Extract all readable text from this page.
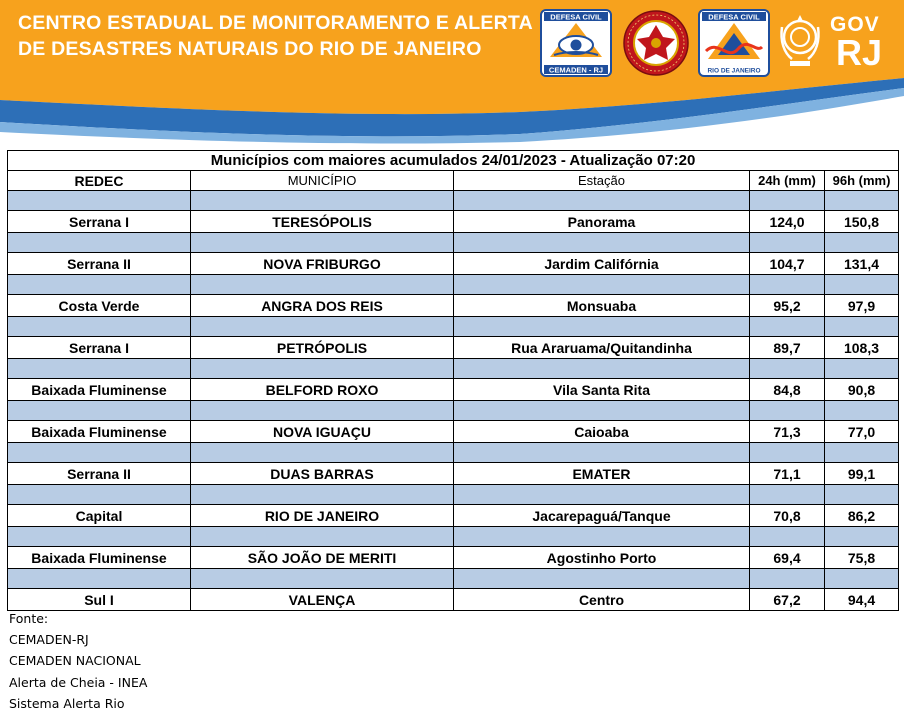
CENTRO ESTADUAL DE MONITORAMENTO E ALERTA
DE DESASTRES NATURAIS DO RIO DE JANEIRO
DEFESA CIVIL
CEMADEN - RJ
DEFESA CIVIL
RIO DE JANEIRO
GOV
RJ
Municípios com maiores acumulados 24/01/2023 - Atualização 07:20				
REDEC	MUNICÍPIO	Estação	24h (mm)	96h (mm)

Serrana I	TERESÓPOLIS	Panorama	124,0	150,8

Serrana II	NOVA FRIBURGO	Jardim Califórnia	104,7	131,4

Costa Verde	ANGRA DOS REIS	Monsuaba	95,2	97,9

Serrana I	PETRÓPOLIS	Rua Araruama/Quitandinha	89,7	108,3

Baixada Fluminense	BELFORD ROXO	Vila Santa Rita	84,8	90,8

Baixada Fluminense	NOVA IGUAÇU	Caioaba	71,3	77,0

Serrana II	DUAS BARRAS	EMATER	71,1	99,1

Capital	RIO DE JANEIRO	Jacarepaguá/Tanque	70,8	86,2

Baixada Fluminense	SÃO JOÃO DE MERITI	Agostinho Porto	69,4	75,8

Sul I	VALENÇA	Centro	67,2	94,4
Fonte:
CEMADEN-RJ
CEMADEN NACIONAL
Alerta de Cheia - INEA
Sistema Alerta Rio
